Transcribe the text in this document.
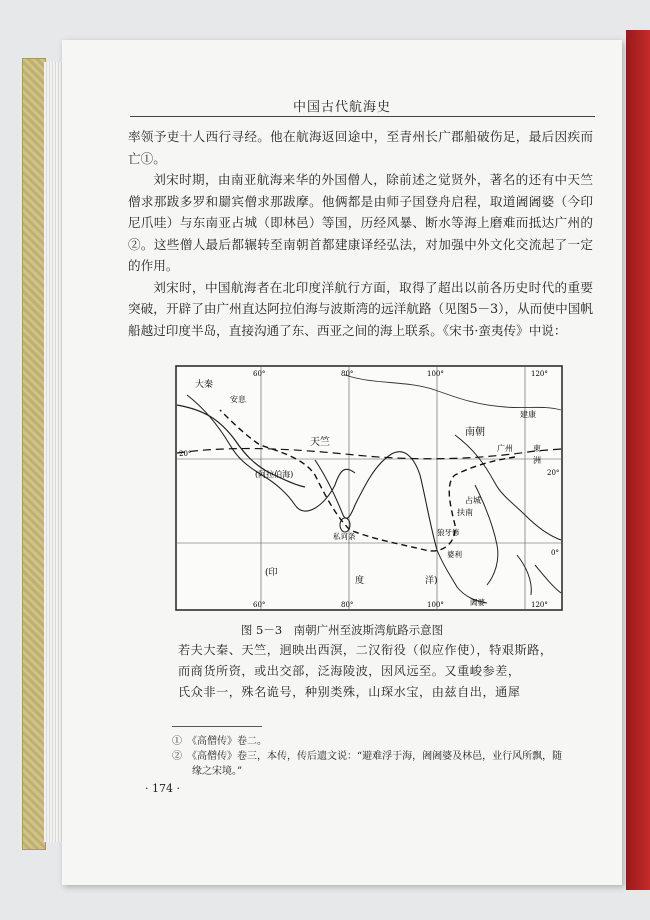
中国古代航海史

率领予吏十人西行寻经。他在航海返回途中，至青州长广郡船破伤足，最后因疾而亡①。

刘宋时期，由南亚航海来华的外国僧人，除前述之觉贤外，著名的还有中天竺僧求那跋多罗和罽宾僧求那跋摩。他俩都是由师子国登舟启程，取道阇阇婆（今印尼爪哇）与东南亚占城（即林邑）等国，历经风暴、断水等海上磨难而抵达广州的②。这些僧人最后都辗转至南朝首都建康译经弘法，对加强中外文化交流起了一定的作用。

刘宋时，中国航海者在北印度洋航行方面，取得了超出以前各历史时代的重要突破，开辟了由广州直达阿拉伯海与波斯湾的远洋航路（见图5－3），从而使中国帆船越过印度半岛，直接沟通了东、西亚之间的海上联系。《宋书·蛮夷传》中说：

大秦
安息
天竺
南朝
建康
广州	東
洲
(阿拉伯海)
私诃条
占城
扶南
狼牙修
婆利
阇婆
(印
度	洋)
60°	80°	100°	120°
60°	80°	100°	120°
20°
20°
0°
图 5－3　南朝广州至波斯湾航路示意图

若夫大秦、天竺，迥映出西溟，二汉衔役（似应作使），特艰斯路，

而商货所资，或出交部，泛海陵波，因风远至。又重峻参差，

氏众非一，殊名诡号，种别类殊，山琛水宝，由兹自出，通犀

①　《高僧传》卷二。
②　《高僧传》卷三，本传，传后遗文说：“避难浮于海，阇阇婆及林邑，业行风所飘，随
　　缘之宋境。”
· 174 ·
